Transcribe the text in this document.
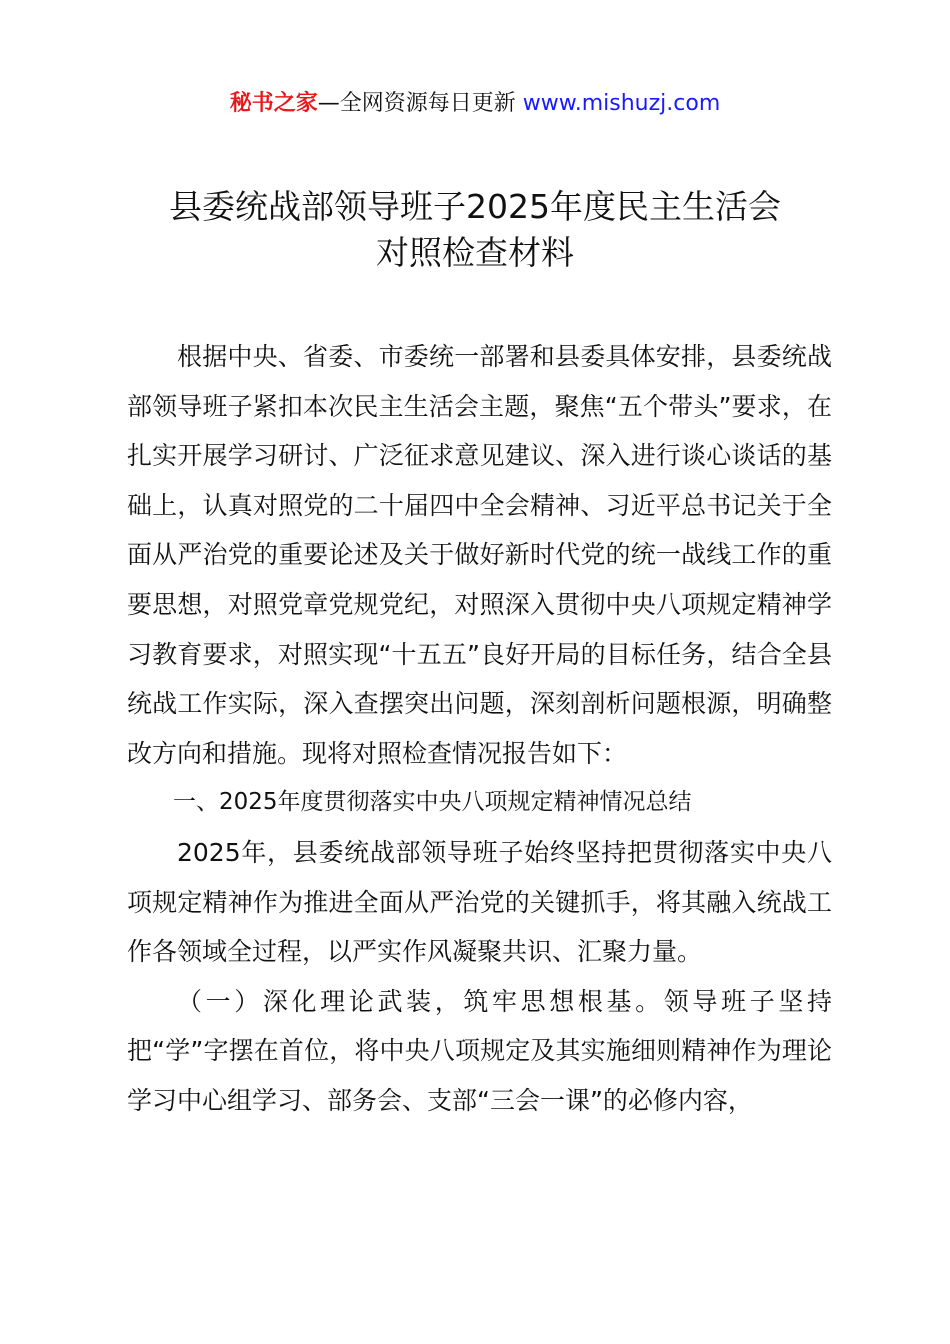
秘书之家—全网资源每日更新 www.mishuzj.com
县委统战部领导班子2025年度民主生活会
对照检查材料

根据中央、省委、市委统一部署和县委具体安排，县委统战部领导班子紧扣本次民主生活会主题，聚焦“五个带头”要求，在扎实开展学习研讨、广泛征求意见建议、深入进行谈心谈话的基础上，认真对照党的二十届四中全会精神、习近平总书记关于全面从严治党的重要论述及关于做好新时代党的统一战线工作的重要思想，对照党章党规党纪，对照深入贯彻中央八项规定精神学习教育要求，对照实现“十五五”良好开局的目标任务，结合全县统战工作实际，深入查摆突出问题，深刻剖析问题根源，明确整改方向和措施。现将对照检查情况报告如下：

一、2025年度贯彻落实中央八项规定精神情况总结

2025年，县委统战部领导班子始终坚持把贯彻落实中央八项规定精神作为推进全面从严治党的关键抓手，将其融入统战工作各领域全过程，以严实作风凝聚共识、汇聚力量。

（一）深化理论武装，筑牢思想根基。领导班子坚持把“学”字摆在首位，将中央八项规定及其实施细则精神作为理论学习中心组学习、部务会、支部“三会一课”的必修内容，
